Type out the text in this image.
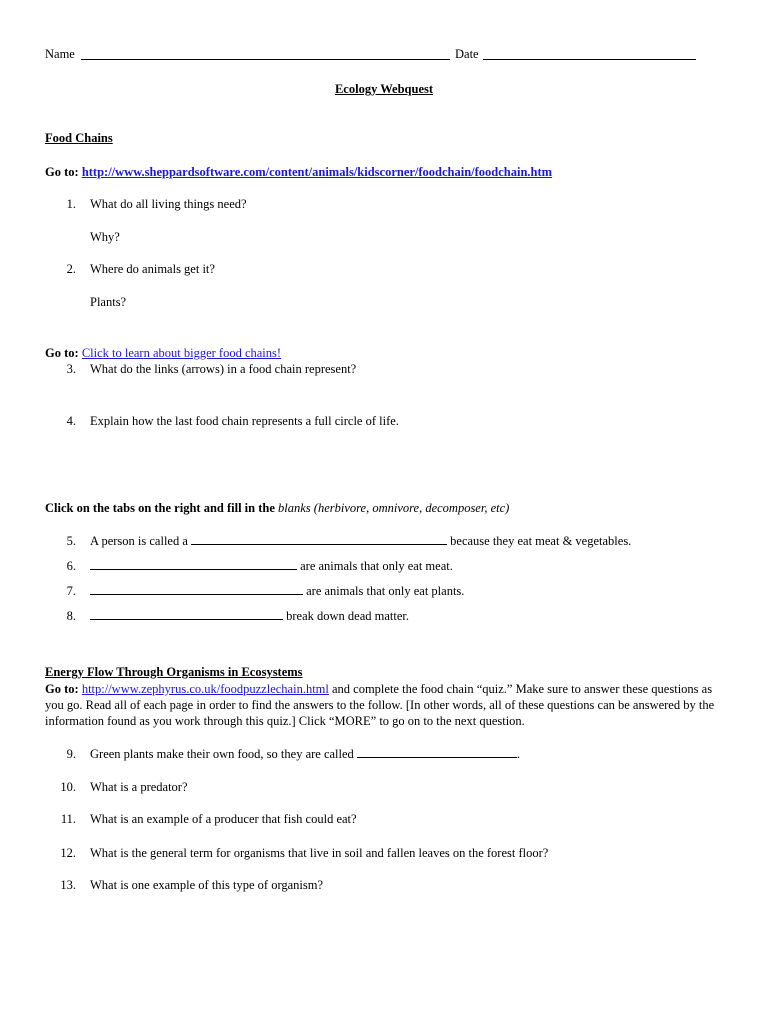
Name	Date
Ecology Webquest
Food Chains
Go to: http://www.sheppardsoftware.com/content/animals/kidscorner/foodchain/foodchain.htm
1. What do all living things need?
Why?
2. Where do animals get it?
Plants?
Go to: Click to learn about bigger food chains!
3. What do the links (arrows) in a food chain represent?
4. Explain how the last food chain represents a full circle of life.
Click on the tabs on the right and fill in the blanks (herbivore, omnivore, decomposer, etc)
5. A person is called a	because they eat meat & vegetables.
6.	are animals that only eat meat.
7.	are animals that only eat plants.
8.	break down dead matter.
Energy Flow Through Organisms in Ecosystems
Go to: http://www.zephyrus.co.uk/foodpuzzlechain.html and complete the food chain “quiz.” Make sure to answer these questions as you go. Read all of each page in order to find the answers to the follow. [In other words, all of these questions can be answered by the information found as you work through this quiz.] Click “MORE” to go on to the next question.
9. Green plants make their own food, so they are called	.
10. What is a predator?
11. What is an example of a producer that fish could eat?
12. What is the general term for organisms that live in soil and fallen leaves on the forest floor?
13. What is one example of this type of organism?
